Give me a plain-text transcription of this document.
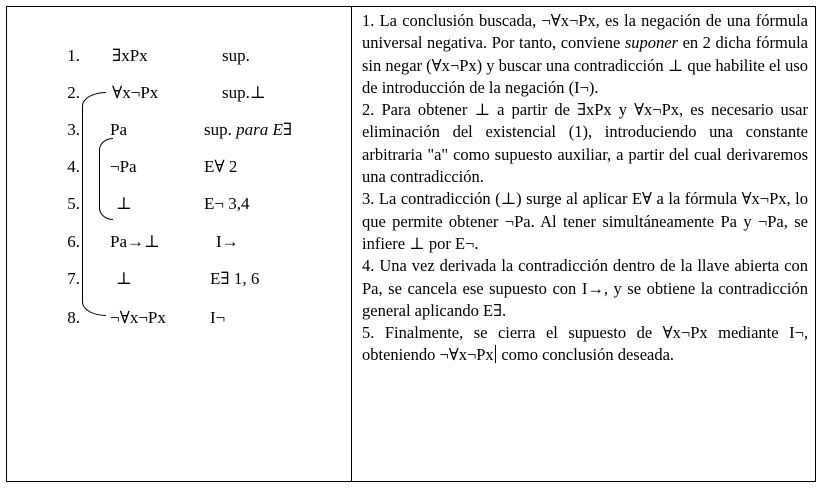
1. ∃xPx	sup.
2. ∀x¬Px	sup.⊥
3. Pa	sup. para E∃
4. ¬Pa	E∀ 2
5. ⊥	E¬ 3,4
6. Pa→⊥	I→
7. ⊥	E∃ 1, 6
8. ¬∀x¬Px	I¬

1. La conclusión buscada, ¬∀x¬Px, es la negación de una fórmula universal negativa. Por tanto, conviene suponer en 2 dicha fórmula sin negar (∀x¬Px) y buscar una contradicción ⊥ que habilite el uso de introducción de la negación (I¬).

2. Para obtener ⊥ a partir de ∃xPx y ∀x¬Px, es necesario usar eliminación del existencial (1), introduciendo una constante arbitraria "a" como supuesto auxiliar, a partir del cual derivaremos una contradicción.

3. La contradicción (⊥) surge al aplicar E∀ a la fórmula ∀x¬Px, lo que permite obtener ¬Pa. Al tener simultáneamente Pa y ¬Pa, se infiere ⊥ por E¬.

4. Una vez derivada la contradicción dentro de la llave abierta con Pa, se cancela ese supuesto con I→, y se obtiene la contradicción general aplicando E∃.

5. Finalmente, se cierra el supuesto de ∀x¬Px mediante I¬, obteniendo ¬∀x¬Px como conclusión deseada.
